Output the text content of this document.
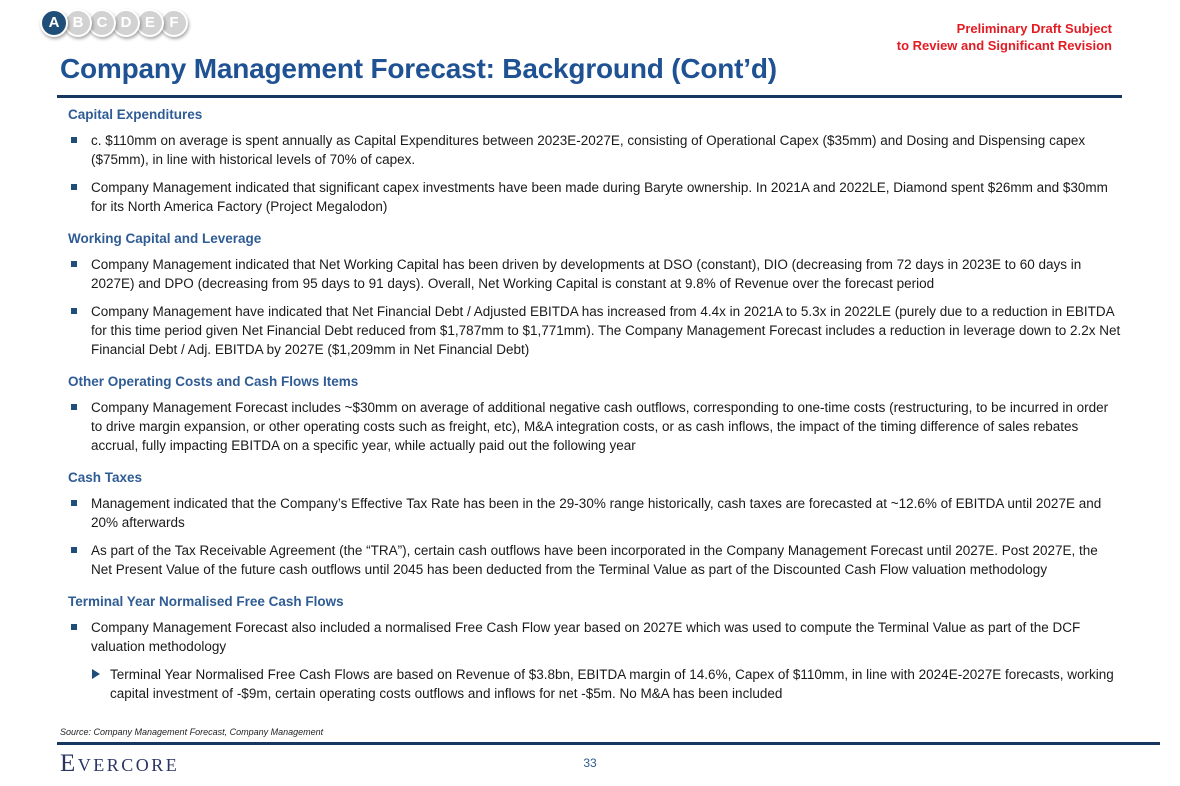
A B C D E F	Preliminary Draft Subject
to Review and Significant Revision
Company Management Forecast: Background (Cont’d)
Capital Expenditures
c. $110mm on average is spent annually as Capital Expenditures between 2023E-2027E, consisting of Operational Capex ($35mm) and Dosing and Dispensing capex ($75mm), in line with historical levels of 70% of capex.
Company Management indicated that significant capex investments have been made during Baryte ownership. In 2021A and 2022LE, Diamond spent $26mm and $30mm for its North America Factory (Project Megalodon)
Working Capital and Leverage
Company Management indicated that Net Working Capital has been driven by developments at DSO (constant), DIO (decreasing from 72 days in 2023E to 60 days in 2027E) and DPO (decreasing from 95 days to 91 days). Overall, Net Working Capital is constant at 9.8% of Revenue over the forecast period
Company Management have indicated that Net Financial Debt / Adjusted EBITDA has increased from 4.4x in 2021A to 5.3x in 2022LE (purely due to a reduction in EBITDA for this time period given Net Financial Debt reduced from $1,787mm to $1,771mm). The Company Management Forecast includes a reduction in leverage down to 2.2x Net Financial Debt / Adj. EBITDA by 2027E ($1,209mm in Net Financial Debt)
Other Operating Costs and Cash Flows Items
Company Management Forecast includes ~$30mm on average of additional negative cash outflows, corresponding to one-time costs (restructuring, to be incurred in order to drive margin expansion, or other operating costs such as freight, etc), M&A integration costs, or as cash inflows, the impact of the timing difference of sales rebates accrual, fully impacting EBITDA on a specific year, while actually paid out the following year
Cash Taxes
Management indicated that the Company’s Effective Tax Rate has been in the 29-30% range historically, cash taxes are forecasted at ~12.6% of EBITDA until 2027E and 20% afterwards
As part of the Tax Receivable Agreement (the “TRA”), certain cash outflows have been incorporated in the Company Management Forecast until 2027E. Post 2027E, the Net Present Value of the future cash outflows until 2045 has been deducted from the Terminal Value as part of the Discounted Cash Flow valuation methodology
Terminal Year Normalised Free Cash Flows
Company Management Forecast also included a normalised Free Cash Flow year based on 2027E which was used to compute the Terminal Value as part of the DCF valuation methodology
Terminal Year Normalised Free Cash Flows are based on Revenue of $3.8bn, EBITDA margin of 14.6%, Capex of $110mm, in line with 2024E-2027E forecasts, working capital investment of -$9m, certain operating costs outflows and inflows for net -$5m. No M&A has been included
Source: Company Management Forecast, Company Management
EVERCORE	33
